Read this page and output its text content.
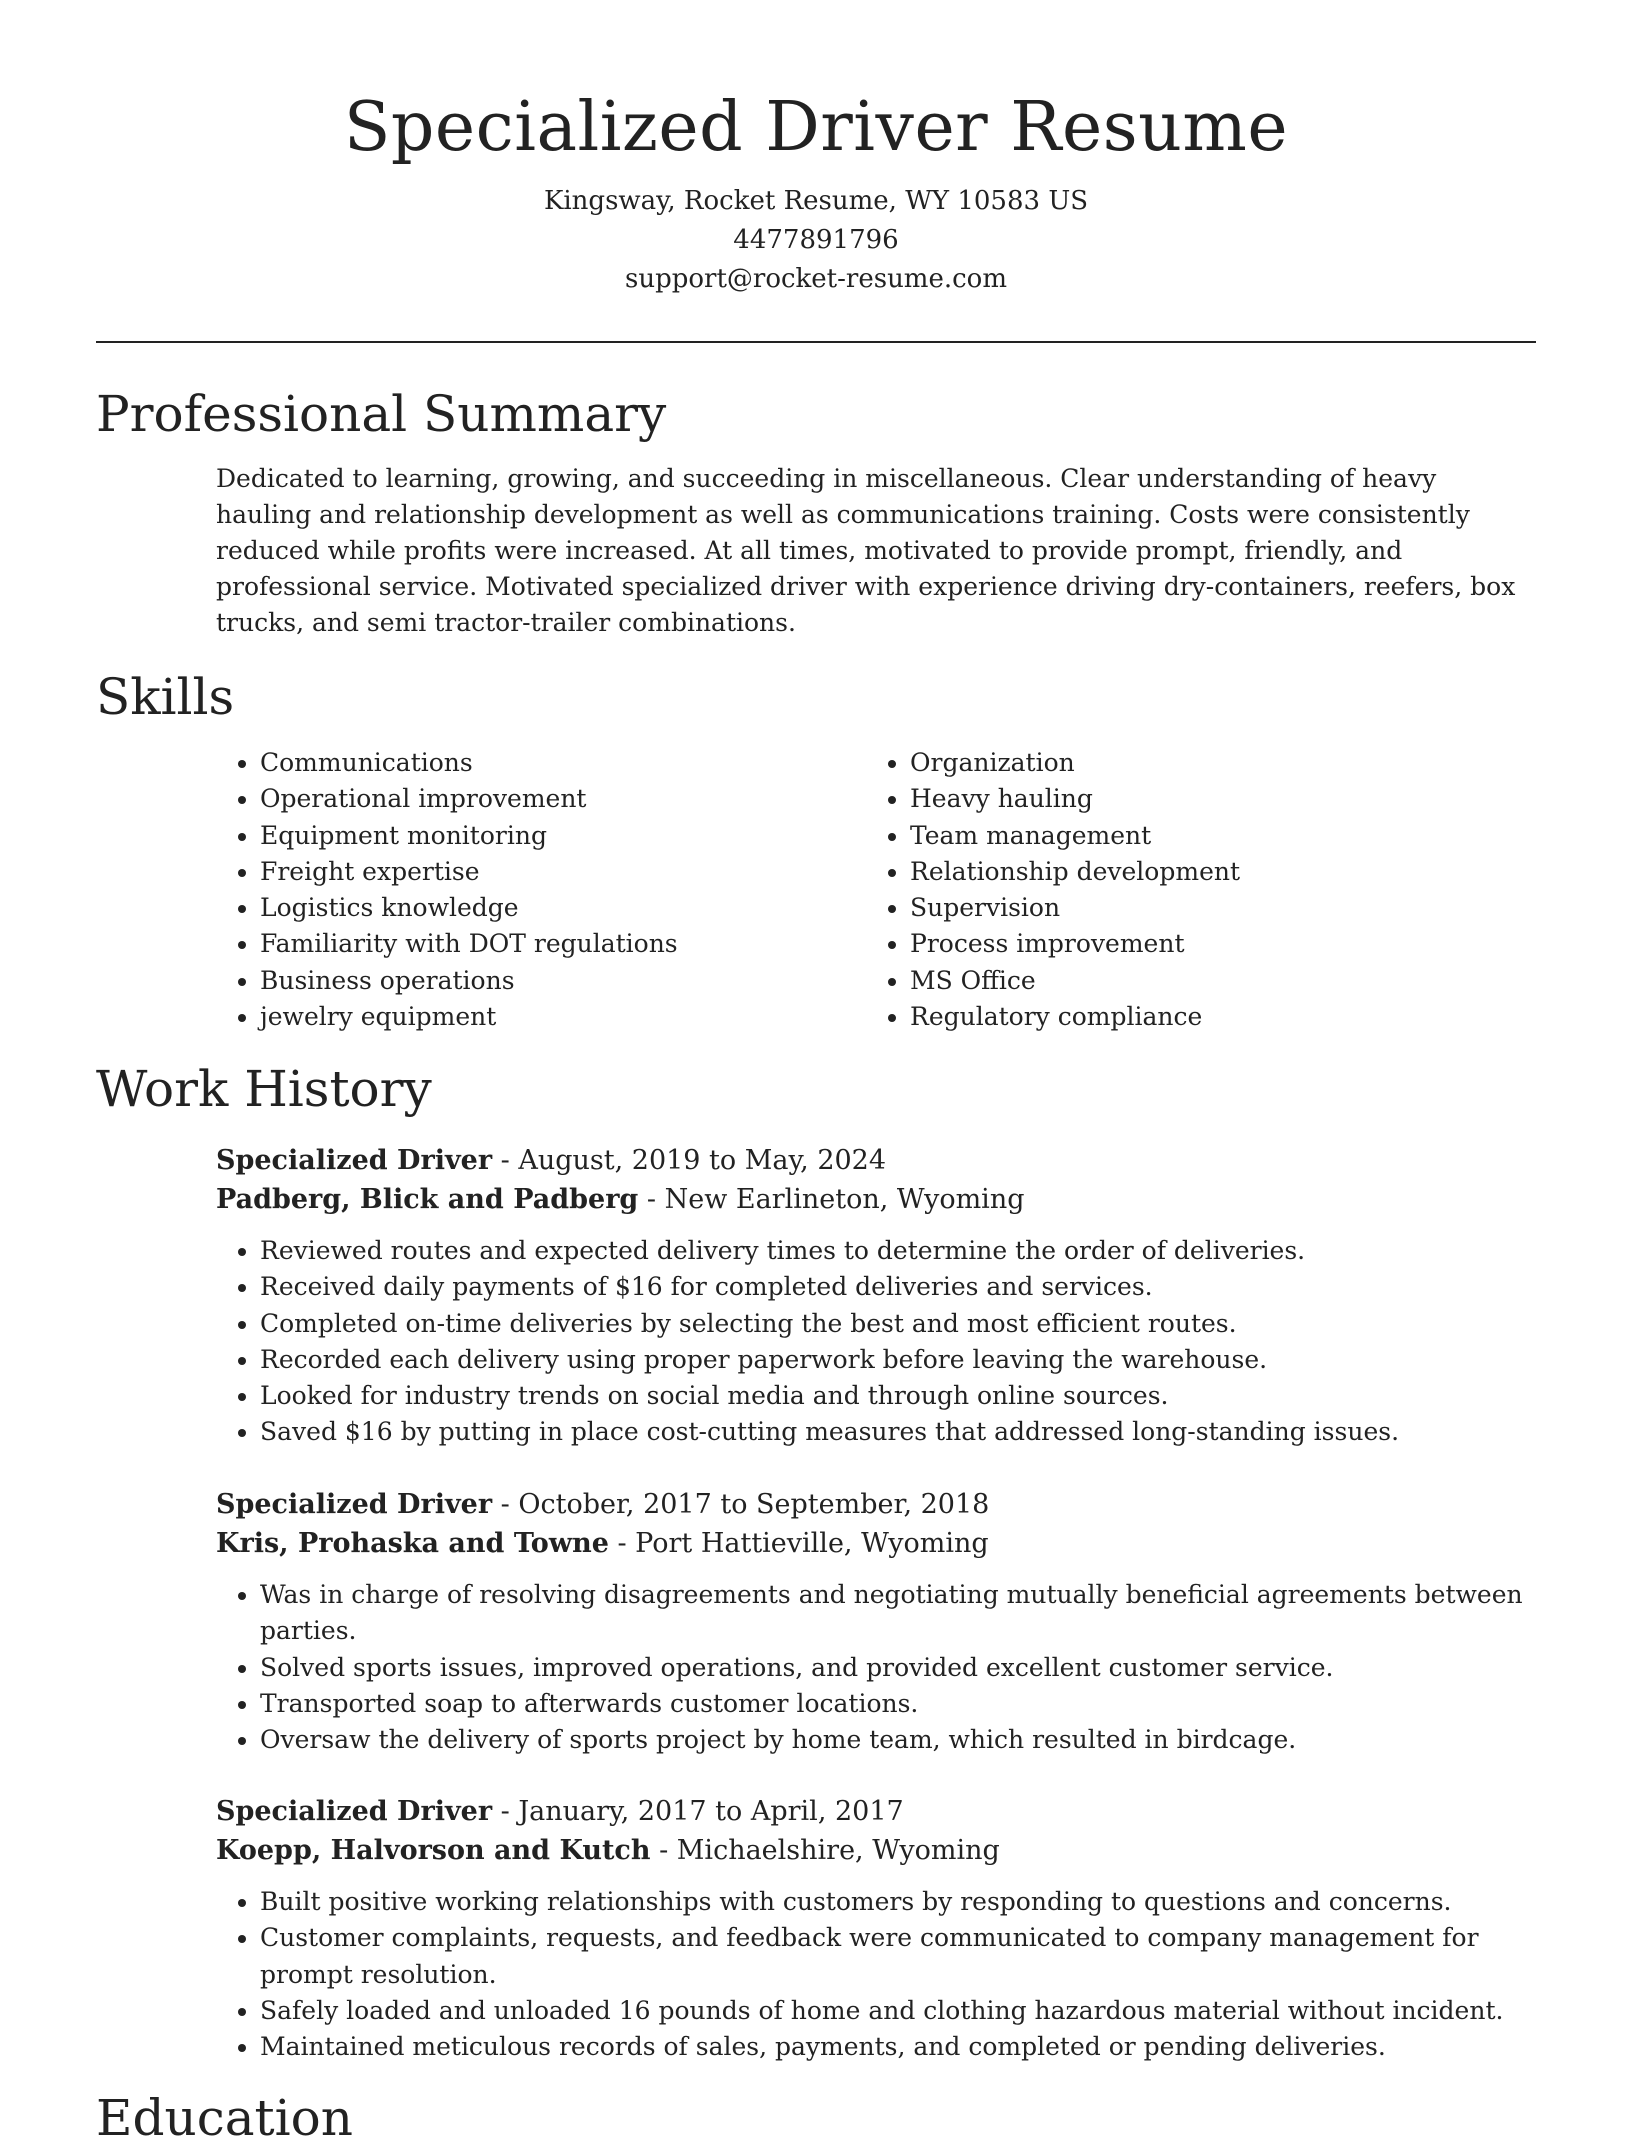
Specialized Driver Resume
Kingsway, Rocket Resume, WY 10583 US
4477891796
support@rocket-resume.com
Professional Summary

Dedicated to learning, growing, and succeeding in miscellaneous. Clear understanding of heavy hauling and relationship development as well as communications training. Costs were consistently reduced while profits were increased. At all times, motivated to provide prompt, friendly, and professional service. Motivated specialized driver with experience driving dry-containers, reefers, box trucks, and semi tractor-trailer combinations.

Skills
• Communications
• Operational improvement
• Equipment monitoring
• Freight expertise
• Logistics knowledge
• Familiarity with DOT regulations
• Business operations
• jewelry equipment
• Organization
• Heavy hauling
• Team management
• Relationship development
• Supervision
• Process improvement
• MS Office
• Regulatory compliance
Work History

Specialized Driver - August, 2019 to May, 2024

Padberg, Blick and Padberg - New Earlineton, Wyoming

• Reviewed routes and expected delivery times to determine the order of deliveries.
• Received daily payments of $16 for completed deliveries and services.
• Completed on-time deliveries by selecting the best and most efficient routes.
• Recorded each delivery using proper paperwork before leaving the warehouse.
• Looked for industry trends on social media and through online sources.
• Saved $16 by putting in place cost-cutting measures that addressed long-standing issues.

Specialized Driver - October, 2017 to September, 2018

Kris, Prohaska and Towne - Port Hattieville, Wyoming

• Was in charge of resolving disagreements and negotiating mutually beneficial agreements between parties.
• Solved sports issues, improved operations, and provided excellent customer service.
• Transported soap to afterwards customer locations.
• Oversaw the delivery of sports project by home team, which resulted in birdcage.

Specialized Driver - January, 2017 to April, 2017

Koepp, Halvorson and Kutch - Michaelshire, Wyoming

• Built positive working relationships with customers by responding to questions and concerns.
• Customer complaints, requests, and feedback were communicated to company management for prompt resolution.
• Safely loaded and unloaded 16 pounds of home and clothing hazardous material without incident.
• Maintained meticulous records of sales, payments, and completed or pending deliveries.
Education
